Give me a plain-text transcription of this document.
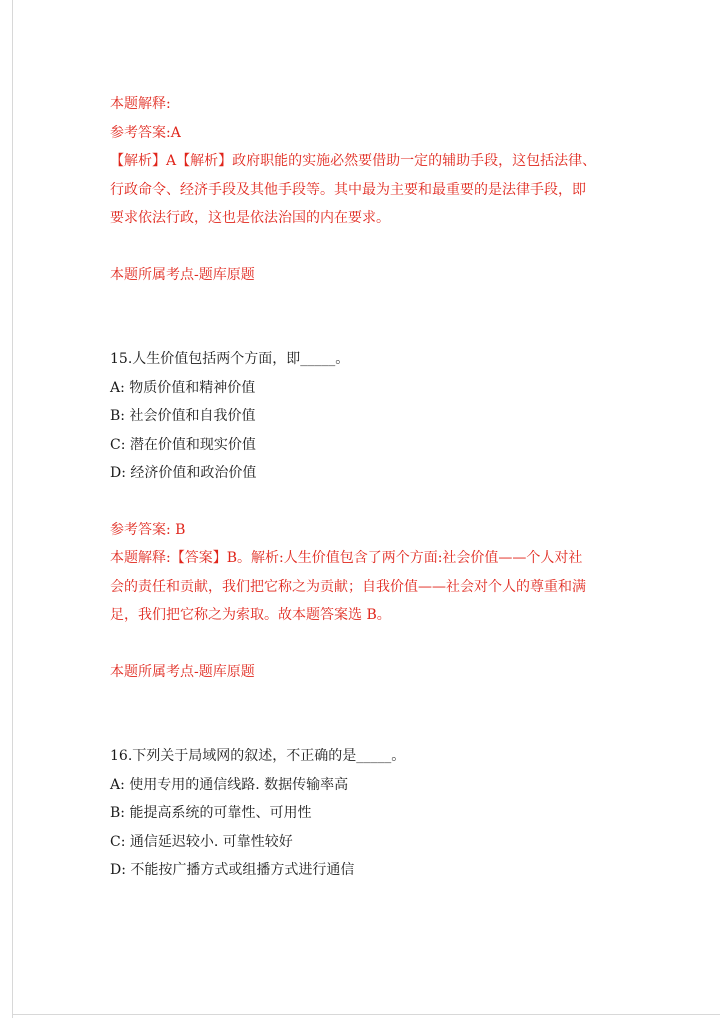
本题解释:
参考答案:A
【解析】A【解析】政府职能的实施必然要借助一定的辅助手段，这包括法律、
行政命令、经济手段及其他手段等。其中最为主要和最重要的是法律手段，即
要求依法行政，这也是依法治国的内在要求。
本题所属考点-题库原题
15.人生价值包括两个方面，即_____。
A: 物质价值和精神价值
B: 社会价值和自我价值
C: 潜在价值和现实价值
D: 经济价值和政治价值
参考答案: B
本题解释:【答案】B。解析:人生价值包含了两个方面:社会价值——个人对社
会的责任和贡献，我们把它称之为贡献；自我价值——社会对个人的尊重和满
足，我们把它称之为索取。故本题答案选 B。
本题所属考点-题库原题
16.下列关于局域网的叙述，不正确的是_____。
A: 使用专用的通信线路. 数据传输率高
B: 能提高系统的可靠性、可用性
C: 通信延迟较小. 可靠性较好
D: 不能按广播方式或组播方式进行通信
